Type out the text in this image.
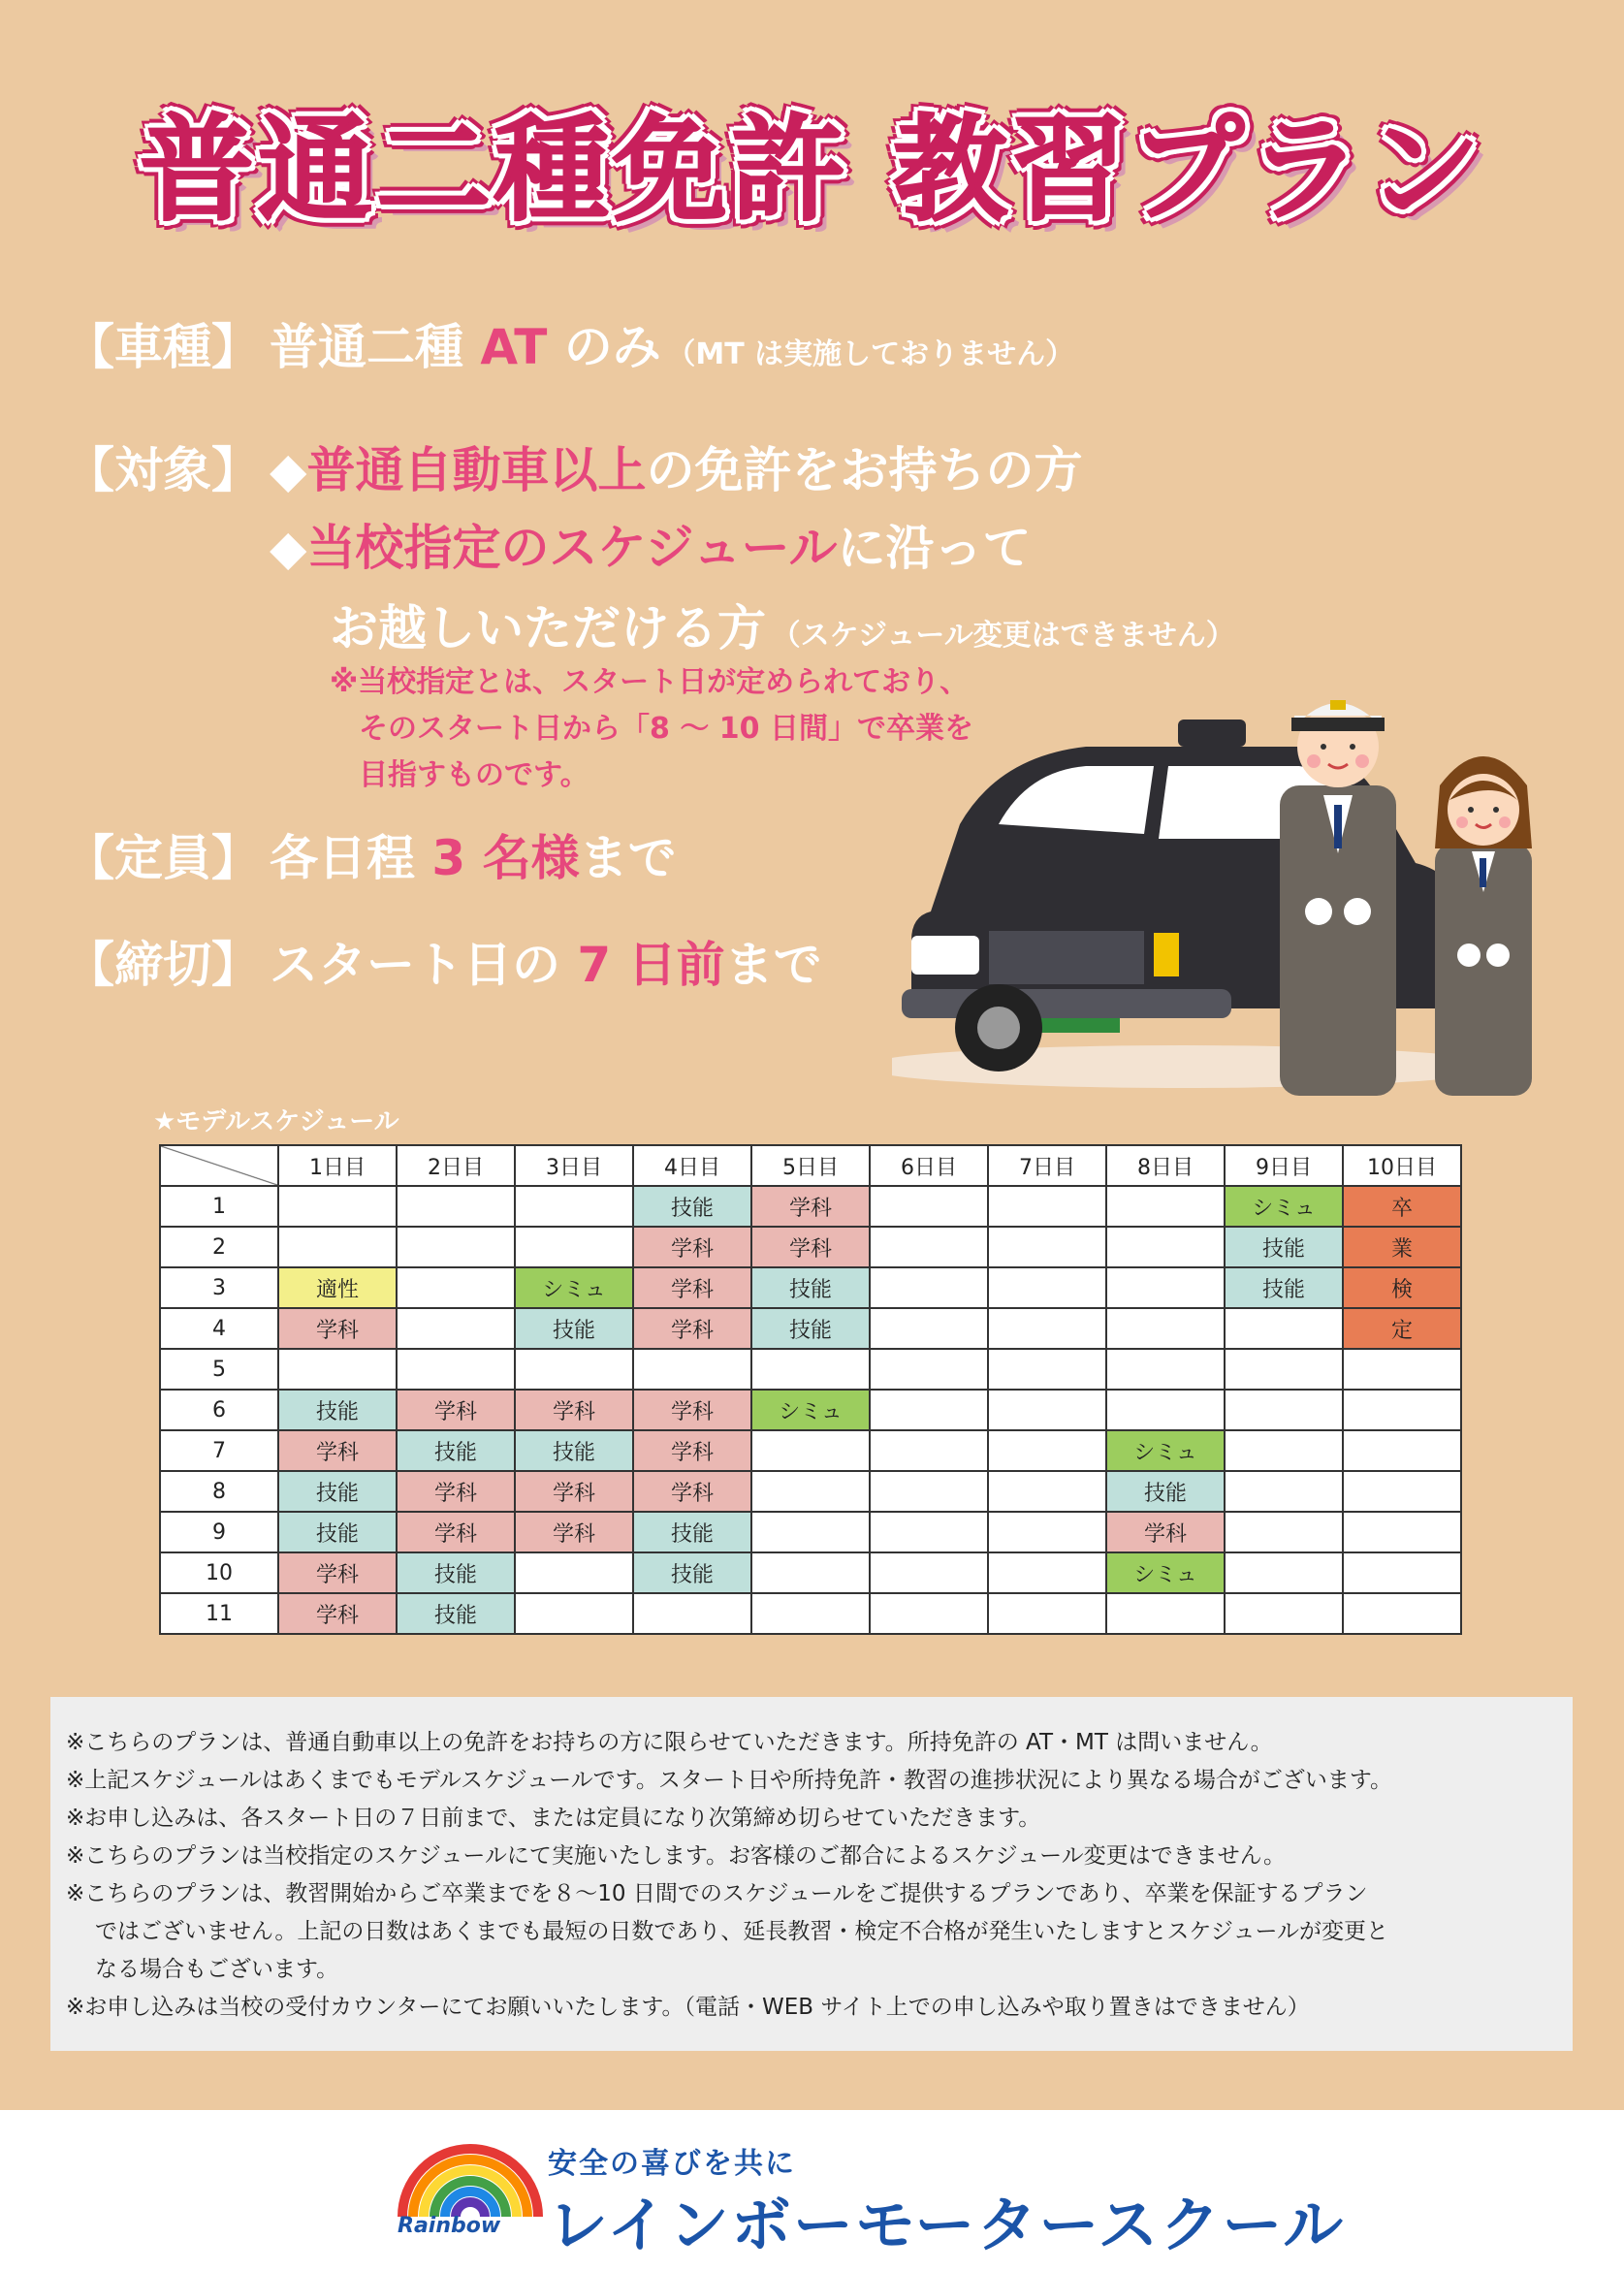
普通二種免許 教習プラン
【車種】 普通二種 AT のみ （MT は実施しておりません）
【対象】 ◆普通自動車以上の免許をお持ちの方
◆当校指定のスケジュールに沿って
お越しいただける方 （スケジュール変更はできません）
※当校指定とは、スタート日が定められており、
そのスタート日から「8 ～ 10 日間」で卒業を
目指すものです。
【定員】 各日程 3 名様まで
【締切】 スタート日の 7 日前まで
★モデルスケジュール
	1日目	2日目	3日目	4日目	5日目	6日目	7日目	8日目	9日目	10日目
1				技能	学科				シミュ	卒
2				学科	学科				技能	業
3	適性		シミュ	学科	技能				技能	検
4	学科		技能	学科	技能					定
5										
6	技能	学科	学科	学科	シミュ					
7	学科	技能	技能	学科				シミュ		
8	技能	学科	学科	学科				技能		
9	技能	学科	学科	技能				学科		
10	学科	技能		技能				シミュ		
11	学科	技能								

※こちらのプランは、普通自動車以上の免許をお持ちの方に限らせていただきます。所持免許の AT・MT は問いません。

※上記スケジュールはあくまでもモデルスケジュールです。スタート日や所持免許・教習の進捗状況により異なる場合がございます。

※お申し込みは、各スタート日の７日前まで、または定員になり次第締め切らせていただきます。

※こちらのプランは当校指定のスケジュールにて実施いたします。お客様のご都合によるスケジュール変更はできません。

※こちらのプランは、教習開始からご卒業までを８～10 日間でのスケジュールをご提供するプランであり、卒業を保証するプラン

ではございません。上記の日数はあくまでも最短の日数であり、延長教習・検定不合格が発生いたしますとスケジュールが変更と

なる場合もございます。

※お申し込みは当校の受付カウンターにてお願いいたします。（電話・WEB サイト上での申し込みや取り置きはできません）

Rainbow
安全の喜びを共に
レインボーモータースクール
